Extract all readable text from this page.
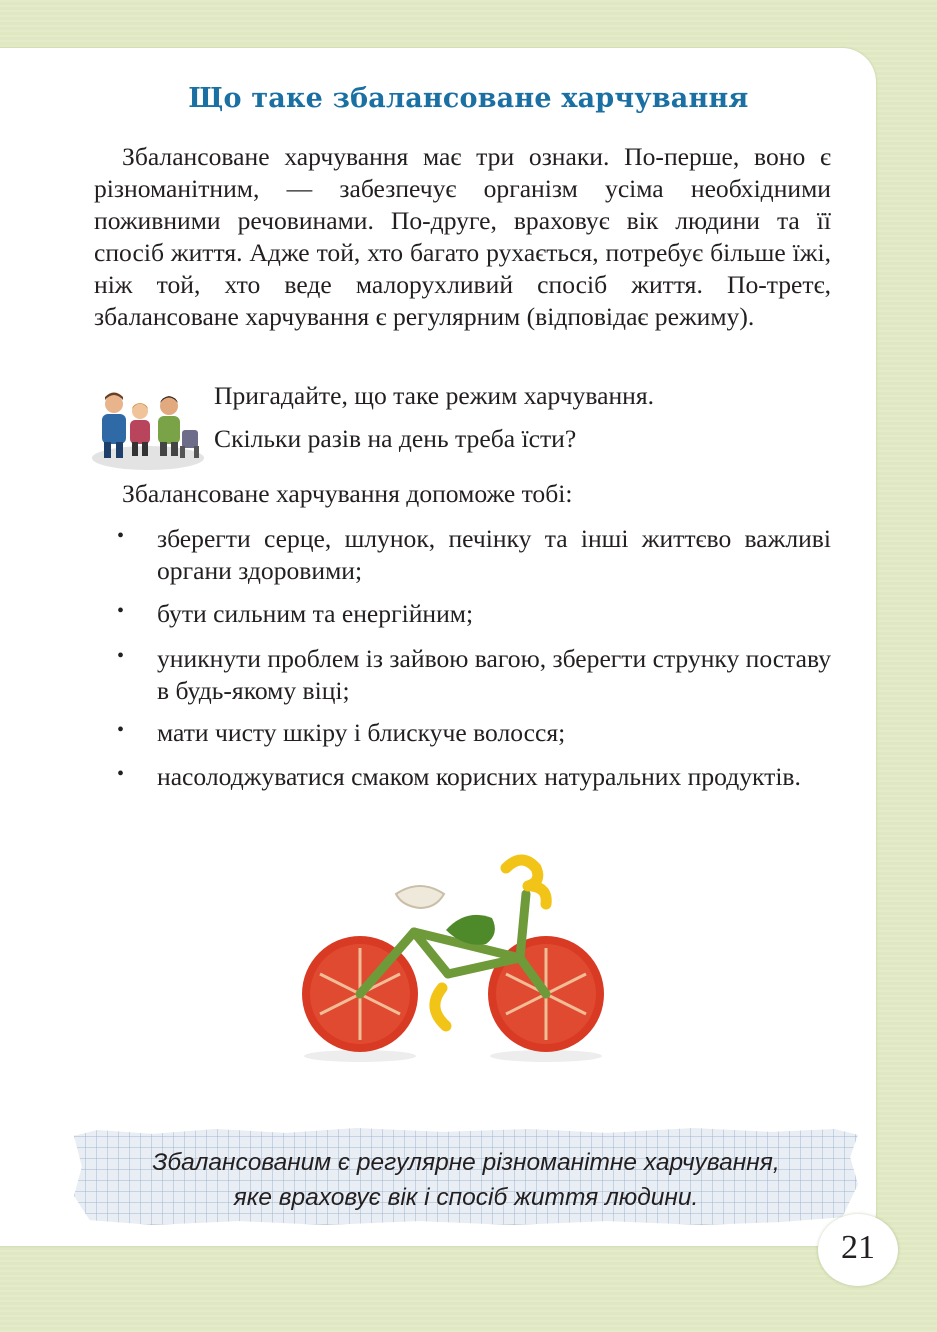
Що таке збалансоване харчування

Збалансоване харчування має три ознаки. По-перше, воно є різноманітним, — забезпечує організм усіма необхідними поживними речовинами. По-друге, враховує вік людини та її спосіб життя. Адже той, хто багато рухається, потребує більше їжі, ніж той, хто веде малорухливий спосіб життя. По-третє, збалансоване харчування є регулярним (відповідає режиму).

Пригадайте, що таке режим харчування.

Скільки разів на день треба їсти?

Збалансоване харчування допоможе тобі:

• зберегти серце, шлунок, печінку та інші життєво важливі органи здоровими;
• бути сильним та енергійним;
• уникнути проблем із зайвою вагою, зберегти струнку поставу в будь-якому віці;
• мати чисту шкіру і блискуче волосся;
• насолоджуватися смаком корисних натуральних продуктів.

Збалансованим є регулярне різноманітне харчування,
яке враховує вік і спосіб життя людини.

21
